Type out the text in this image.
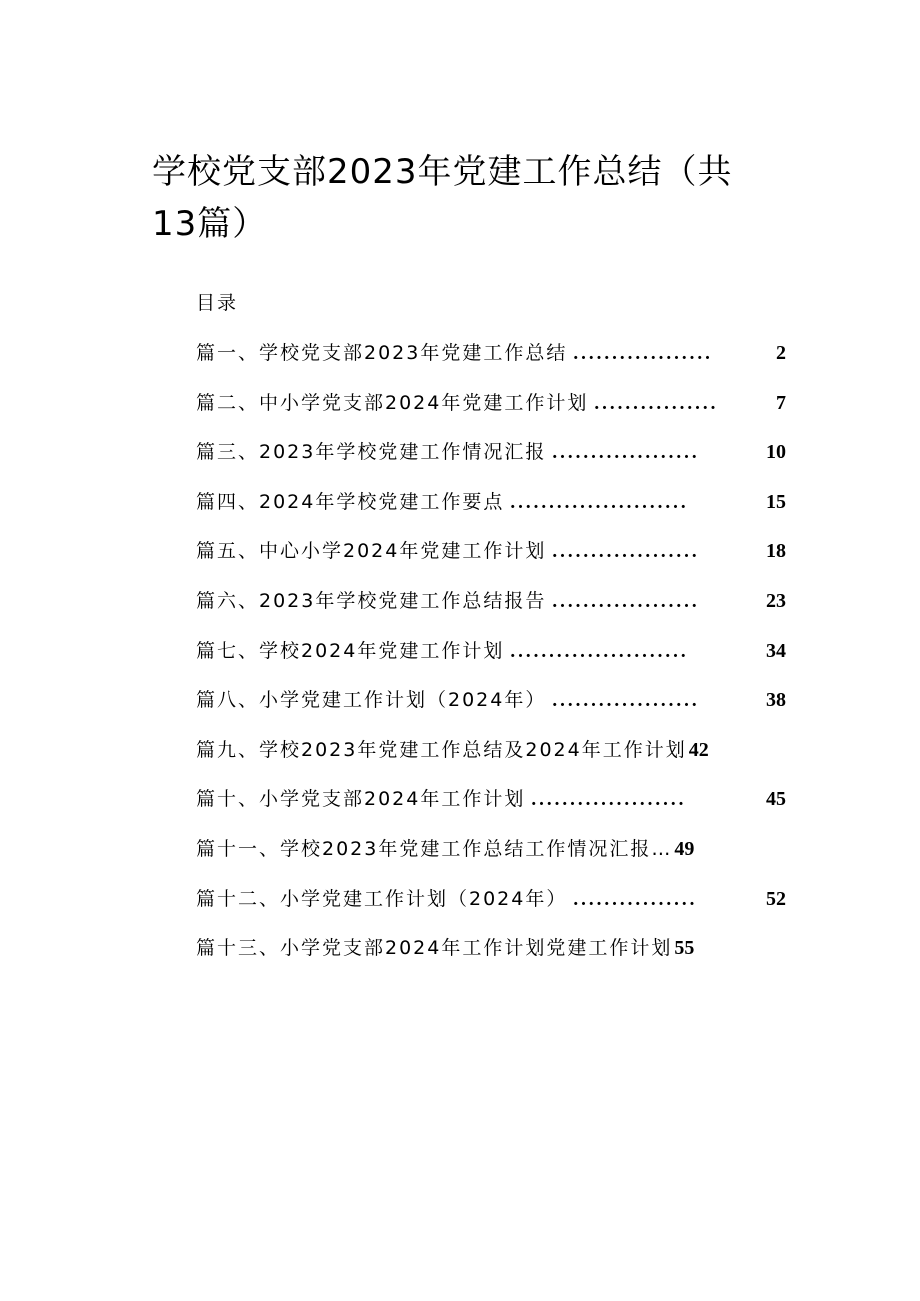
学校党支部2023年党建工作总结（共13篇）
目录
篇一、学校党支部2023年党建工作总结 ..................	2
篇二、中小学党支部2024年党建工作计划 ................	7
篇三、2023年学校党建工作情况汇报 ...................	10
篇四、2024年学校党建工作要点 .......................	15
篇五、中心小学2024年党建工作计划 ...................	18
篇六、2023年学校党建工作总结报告 ...................	23
篇七、学校2024年党建工作计划 .......................	34
篇八、小学党建工作计划（2024年） ...................	38
篇九、学校2023年党建工作总结及2024年工作计划 42
篇十、小学党支部2024年工作计划 ....................	45
篇十一、学校2023年党建工作总结工作情况汇报… 49
篇十二、小学党建工作计划（2024年） ................	52
篇十三、小学党支部2024年工作计划党建工作计划 55
